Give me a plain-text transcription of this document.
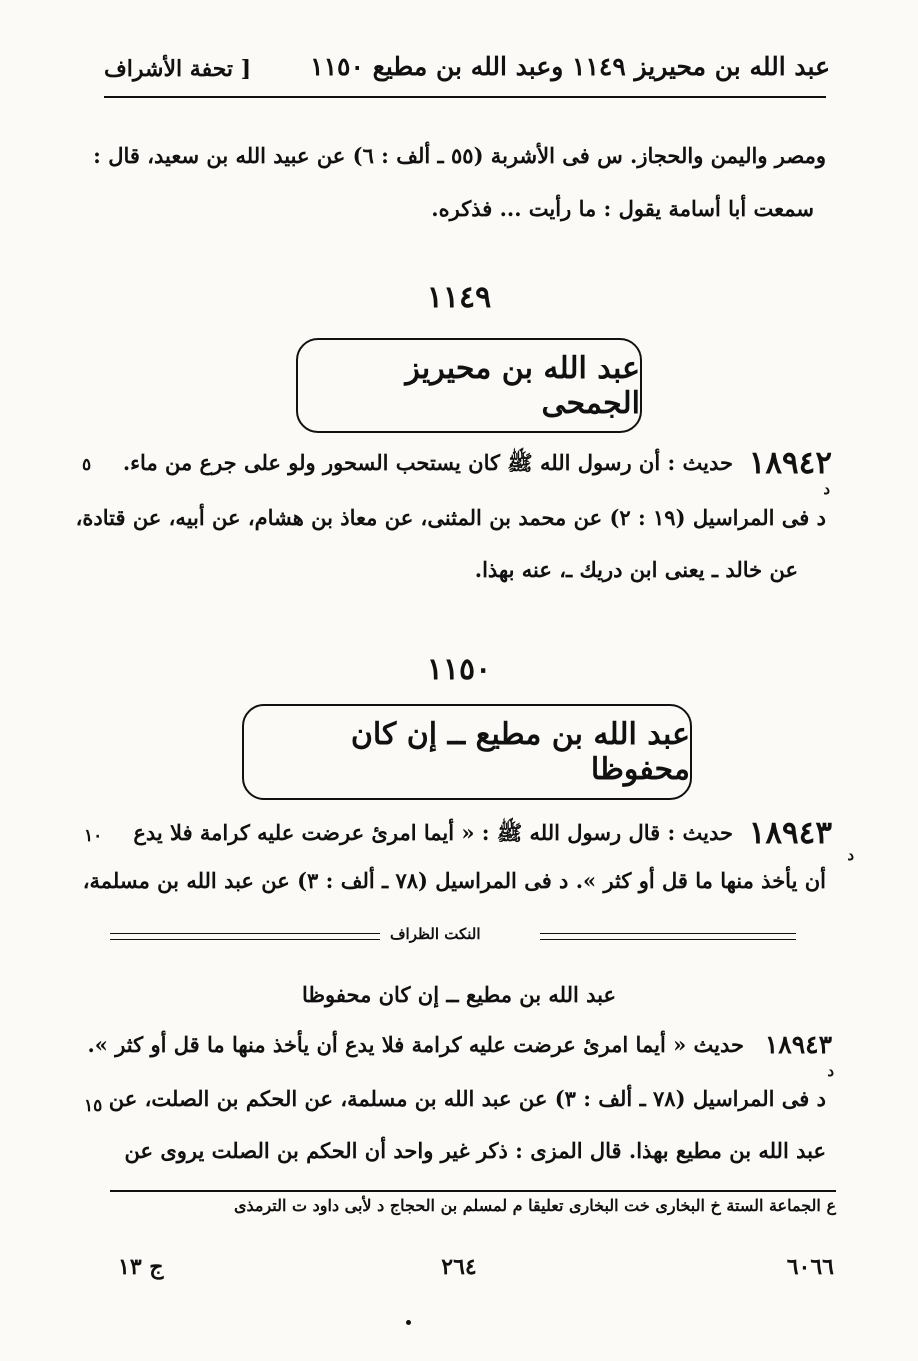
عبد الله بن محيريز ١١٤٩ وعبد الله بن مطيع ١١٥٠
[ تحفة الأشراف
ومصر واليمن والحجاز. س فى الأشربة (٥٥ ـ ألف : ٦) عن عبيد الله بن سعيد، قال :
سمعت أبا أسامة يقول : ما رأيت ... فذكره.
١١٤٩
عبد الله بن محيريز الجمحى
١٨٩٤٢
حديث : أن رسول الله ﷺ كان يستحب السحور ولو على جرع من ماء.
٥
د
د فى المراسيل (١٩ : ٢) عن محمد بن المثنى، عن معاذ بن هشام، عن أبيه، عن قتادة،
عن خالد ـ يعنى ابن دريك ـ، عنه بهذا.
١١٥٠
عبد الله بن مطيع ــ إن كان محفوظا
١٨٩٤٣
حديث : قال رسول الله ﷺ : « أيما امرئ عرضت عليه كرامة فلا يدع
١٠
د
أن يأخذ منها ما قل أو كثر ». د فى المراسيل (٧٨ ـ ألف : ٣) عن عبد الله بن مسلمة،
النكت الظراف
عبد الله بن مطيع ــ إن كان محفوظا
١٨٩٤٣
حديث « أيما امرئ عرضت عليه كرامة فلا يدع أن يأخذ منها ما قل أو كثر ».
د
د فى المراسيل (٧٨ ـ ألف : ٣) عن عبد الله بن مسلمة، عن الحكم بن الصلت، عن
١٥
عبد الله بن مطيع بهذا. قال المزى : ذكر غير واحد أن الحكم بن الصلت يروى عن
ع الجماعة الستة خ البخارى خت البخارى تعليقا م لمسلم بن الحجاج د لأبى داود ت الترمذى
٦٠٦٦
٢٦٤
ج ١٣
